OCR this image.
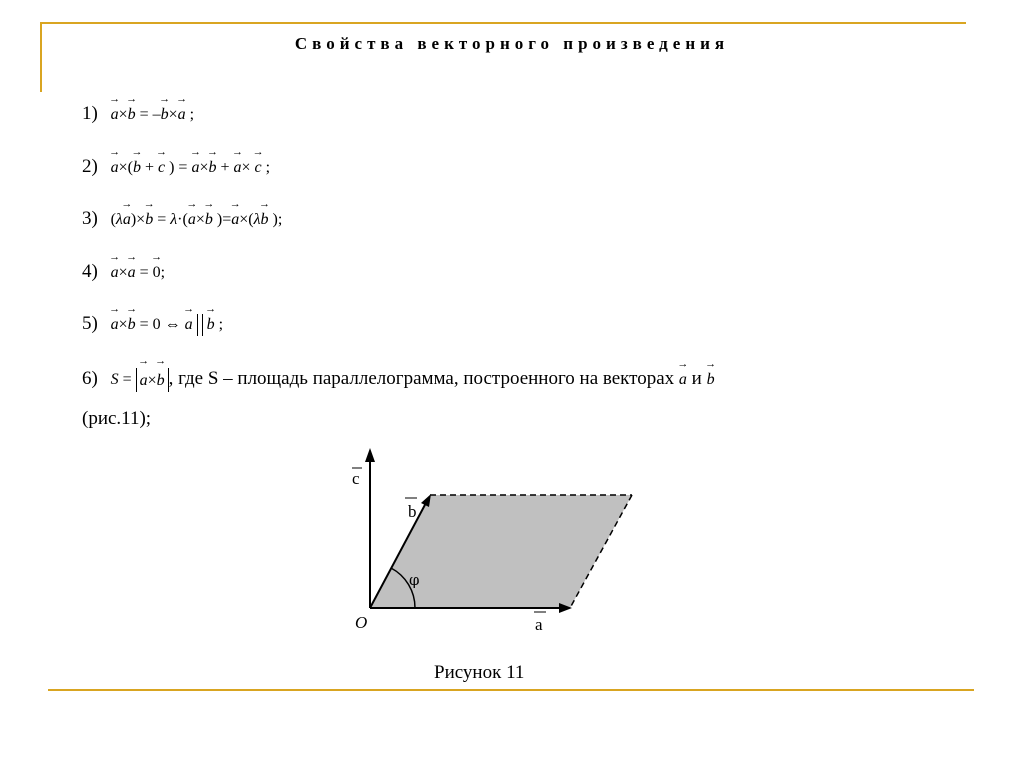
Свойства векторного произведения
1) → a×→ b = –→ b×→ a ;
2) → a×(→ b + → c ) = → a×→ b + → a× → c ;
3) (λ→ a)×→ b = λ·(→ a×→ b )=→ a×(λ→ b );
4) → a×→ a = → 0;
5) → a×→ b = 0 ⇔ → a → b ;
6) S = → a×→ b , где S – площадь параллелограмма, построенного на векторах → a и → b
(рис.11);
c
b
a
O
φ
Рисунок 11
